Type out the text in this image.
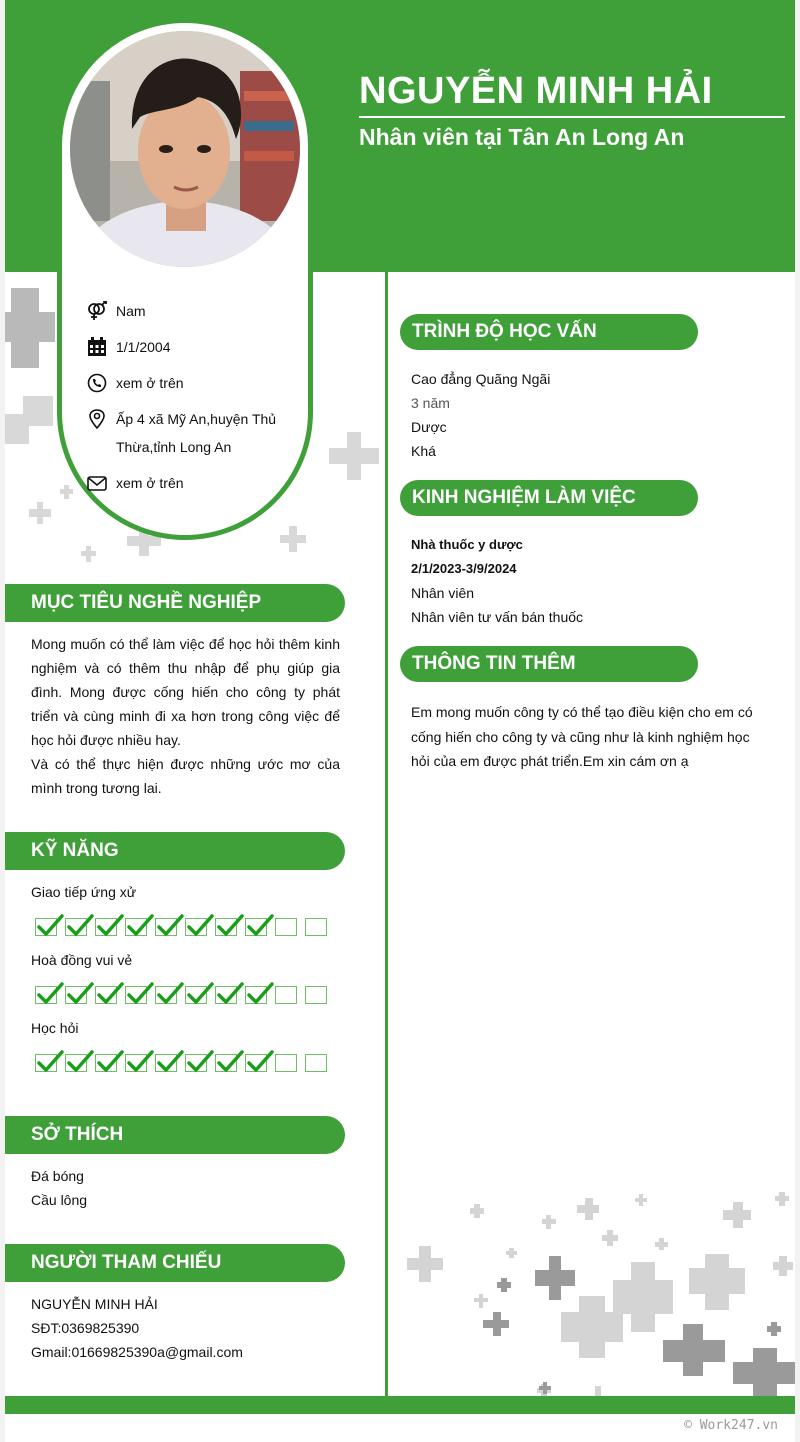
NGUYỄN MINH HẢI
Nhân viên tại Tân An Long An
Nam
1/1/2004
xem ở trên
Ấp 4 xã Mỹ An,huyện Thủ Thừa,tỉnh Long An
xem ở trên
MỤC TIÊU NGHỀ NGHIỆP
Mong muốn có thể làm việc để học hỏi thêm kinh nghiệm và có thêm thu nhập để phụ giúp gia đình. Mong được cống hiến cho công ty phát triển và cùng minh đi xa hơn trong công việc để học hỏi được nhiều hay.
Và có thể thực hiện được những ước mơ của mình trong tương lai.
KỸ NĂNG
SỞ THÍCH
Đá bóng
Cầu lông
NGƯỜI THAM CHIẾU
NGUYỄN MINH HẢI
SĐT:0369825390
Gmail:01669825390a@gmail.com
TRÌNH ĐỘ HỌC VẤN
Cao đẳng Quãng Ngãi
3 năm
Dược
Khá
KINH NGHIỆM LÀM VIỆC
Nhà thuốc y dược
2/1/2023-3/9/2024
Nhân viên
Nhân viên tư vấn bán thuốc
THÔNG TIN THÊM
Em mong muốn công ty có thể tạo điều kiện cho em có cống hiến cho công ty và cũng như là kinh nghiệm học hỏi của em được phát triển.Em xin cám ơn ạ
Giao tiếp ứng xử
Hoà đồng vui vẻ
Học hỏi
© Work247.vn
